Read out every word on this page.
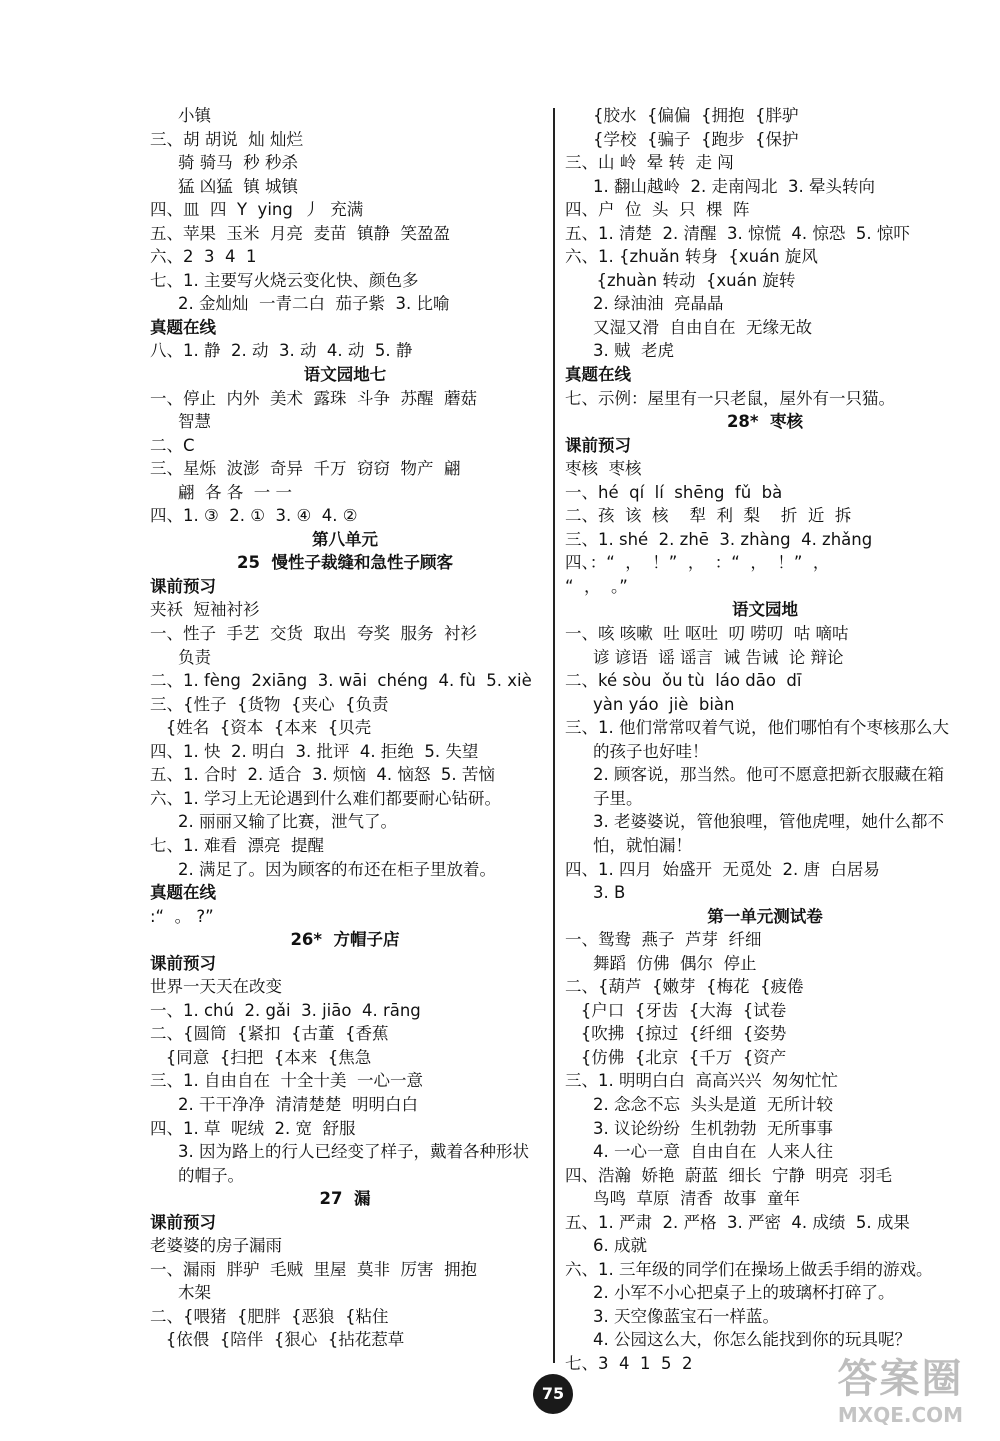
小镇
三、胡 胡说  灿 灿烂
骑 骑马  秒 秒杀
猛 凶猛  镇 城镇
四、皿  四  Y  ying  丿  充满
五、苹果  玉米  月亮  麦苗  镇静  笑盈盈
六、2  3  4  1
七、1. 主要写火烧云变化快、颜色多
2. 金灿灿  一青二白  茄子紫  3. 比喻
真题在线
八、1. 静  2. 动  3. 动  4. 动  5. 静
语文园地七
一、停止  内外  美术  露珠  斗争  苏醒  蘑菇
智慧
二、C
三、星烁  波澎  奇异  千万  窃窃  物产  翩
翩  各 各  一 一
四、1. ③  2. ①  3. ④  4. ②
第八单元
25  慢性子裁缝和急性子顾客
课前预习
夹袄  短袖衬衫
一、性子  手艺  交货  取出  夸奖  服务  衬衫
负责
二、1. fèng  2xiāng  3. wāi  chéng  4. fù  5. xiè
三、{性子  {货物  {夹心  {负责
{姓名  {资本  {本来  {贝壳
四、1. 快  2. 明白  3. 批评  4. 拒绝  5. 失望
五、1. 合时  2. 适合  3. 烦恼  4. 恼怒  5. 苦恼
六、1. 学习上无论遇到什么难们都要耐心钻研。
2. 丽丽又输了比赛，泄气了。
七、1. 难看  漂亮  提醒
2. 满足了。因为顾客的布还在柜子里放着。
真题在线
:“  。 ?”
26*  方帽子店
课前预习
世界一天天在改变
一、1. chú  2. gǎi  3. jiāo  4. rāng
二、{圆筒  {紧扣  {古董  {香蕉
{同意  {扫把  {本来  {焦急
三、1. 自由自在  十全十美  一心一意
2. 干干净净  清清楚楚  明明白白
四、1. 草  呢绒  2. 宽  舒服
3. 因为路上的行人已经变了样子，戴着各种形状
的帽子。
27  漏
课前预习
老婆婆的房子漏雨
一、漏雨  胖驴  毛贼  里屋  莫非  厉害  拥抱
木架
二、{喂猪  {肥胖  {恶狼  {粘住
{依偎  {陪伴  {狠心  {拈花惹草
{胶水  {偏偏  {拥抱  {胖驴
{学校  {骗子  {跑步  {保护
三、山 岭  晕 转  走 闯
1. 翻山越岭  2. 走南闯北  3. 晕头转向
四、户  位  头  只  棵  阵
五、1. 清楚  2. 清醒  3. 惊慌  4. 惊恐  5. 惊吓
六、1. {zhuǎn 转身  {xuán 旋风
{zhuàn 转动  {xuán 旋转
2. 绿油油  亮晶晶
又湿又滑  自由自在  无缘无故
3. 贼  老虎
真题在线
七、示例：屋里有一只老鼠，屋外有一只猫。
28*  枣核
课前预习
枣核  枣核
一、hé  qí  lí  shēng  fǔ  bà
二、孩  该  核    犁  利  梨    折  近  拆
三、1. shé  2. zhē  3. zhàng  4. zhǎng
四、：“  ，  ！”  ，  ：“  ，  ！”  ，
“  ，  。”
语文园地
一、咳 咳嗽  吐 呕吐  叨 唠叨  咕 嘀咕
谚 谚语  谣 谣言  诫 告诫  论 辩论
二、ké sòu  ǒu tù  láo dāo  dī
yàn yáo  jiè  biàn
三、1. 他们常常叹着气说，他们哪怕有个枣核那么大
的孩子也好哇！
2. 顾客说，那当然。他可不愿意把新衣服藏在箱
子里。
3. 老婆婆说，管他狼哩，管他虎哩，她什么都不
怕，就怕漏！
四、1. 四月  始盛开  无觅处  2. 唐  白居易
3. B
第一单元测试卷
一、鸳鸯  燕子  芦芽  纤细
舞蹈  仿佛  偶尔  停止
二、{葫芦  {嫩芽  {梅花  {疲倦
{户口  {牙齿  {大海  {试卷
{吹拂  {掠过  {纤细  {姿势
{仿佛  {北京  {千万  {资产
三、1. 明明白白  高高兴兴  匆匆忙忙
2. 念念不忘  头头是道  无所计较
3. 议论纷纷  生机勃勃  无所事事
4. 一心一意  自由自在  人来人往
四、浩瀚  娇艳  蔚蓝  细长  宁静  明亮  羽毛
鸟鸣  草原  清香  故事  童年
五、1. 严肃  2. 严格  3. 严密  4. 成绩  5. 成果
6. 成就
六、1. 三年级的同学们在操场上做丢手绢的游戏。
2. 小军不小心把桌子上的玻璃杯打碎了。
3. 天空像蓝宝石一样蓝。
4. 公园这么大，你怎么能找到你的玩具呢？
七、3  4  1  5  2
75	答案圈
MXQE.COM
